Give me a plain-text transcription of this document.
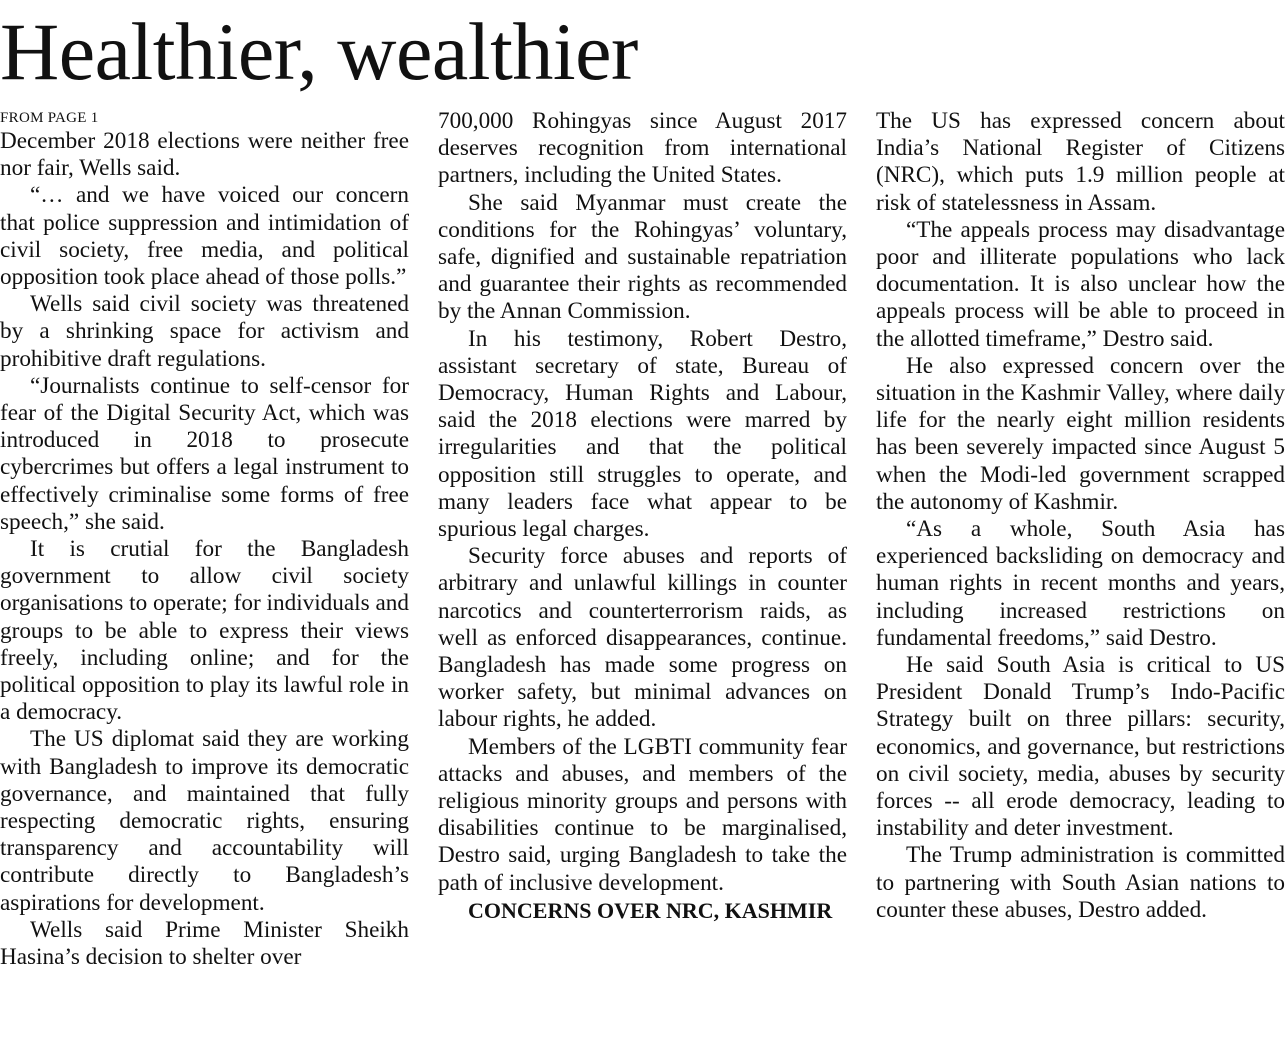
Healthier, wealthier
FROM PAGE 1

December 2018 elections were neither free nor fair, Wells said.

“… and we have voiced our concern that police suppression and intimidation of civil society, free media, and political opposition took place ahead of those polls.”

Wells said civil society was threatened by a shrinking space for activism and prohibitive draft regulations.

“Journalists continue to self-censor for fear of the Digital Security Act, which was introduced in 2018 to prosecute cybercrimes but offers a legal instrument to effectively criminalise some forms of free speech,” she said.

It is crutial for the Bangladesh government to allow civil society organisations to operate; for individuals and groups to be able to express their views freely, including online; and for the political opposition to play its lawful role in a democracy.

The US diplomat said they are working with Bangladesh to improve its democratic governance, and maintained that fully respecting democratic rights, ensuring transparency and accountability will contribute directly to Bangladesh’s aspirations for development.

Wells said Prime Minister Sheikh Hasina’s decision to shelter over

700,000 Rohingyas since August 2017 deserves recognition from international partners, including the United States.

She said Myanmar must create the conditions for the Rohingyas’ voluntary, safe, dignified and sustainable repatriation and guarantee their rights as recommended by the Annan Commission.

In his testimony, Robert Destro, assistant secretary of state, Bureau of Democracy, Human Rights and Labour, said the 2018 elections were marred by irregularities and that the political opposition still struggles to operate, and many leaders face what appear to be spurious legal charges.

Security force abuses and reports of arbitrary and unlawful killings in counter narcotics and counterterrorism raids, as well as enforced disappearances, continue. Bangladesh has made some progress on worker safety, but minimal advances on labour rights, he added.

Members of the LGBTI community fear attacks and abuses, and members of the religious minority groups and persons with disabilities continue to be marginalised, Destro said, urging Bangladesh to take the path of inclusive development.

CONCERNS OVER NRC, KASHMIR

The US has expressed concern about India’s National Register of Citizens (NRC), which puts 1.9 million people at risk of statelessness in Assam.

“The appeals process may disadvantage poor and illiterate populations who lack documentation. It is also unclear how the appeals process will be able to proceed in the allotted timeframe,” Destro said.

He also expressed concern over the situation in the Kashmir Valley, where daily life for the nearly eight million residents has been severely impacted since August 5 when the Modi-led government scrapped the autonomy of Kashmir.

“As a whole, South Asia has experienced backsliding on democracy and human rights in recent months and years, including increased restrictions on fundamental freedoms,” said Destro.

He said South Asia is critical to US President Donald Trump’s Indo-Pacific Strategy built on three pillars: security, economics, and governance, but restrictions on civil society, media, abuses by security forces -- all erode democracy, leading to instability and deter investment.

The Trump administration is committed to partnering with South Asian nations to counter these abuses, Destro added.
